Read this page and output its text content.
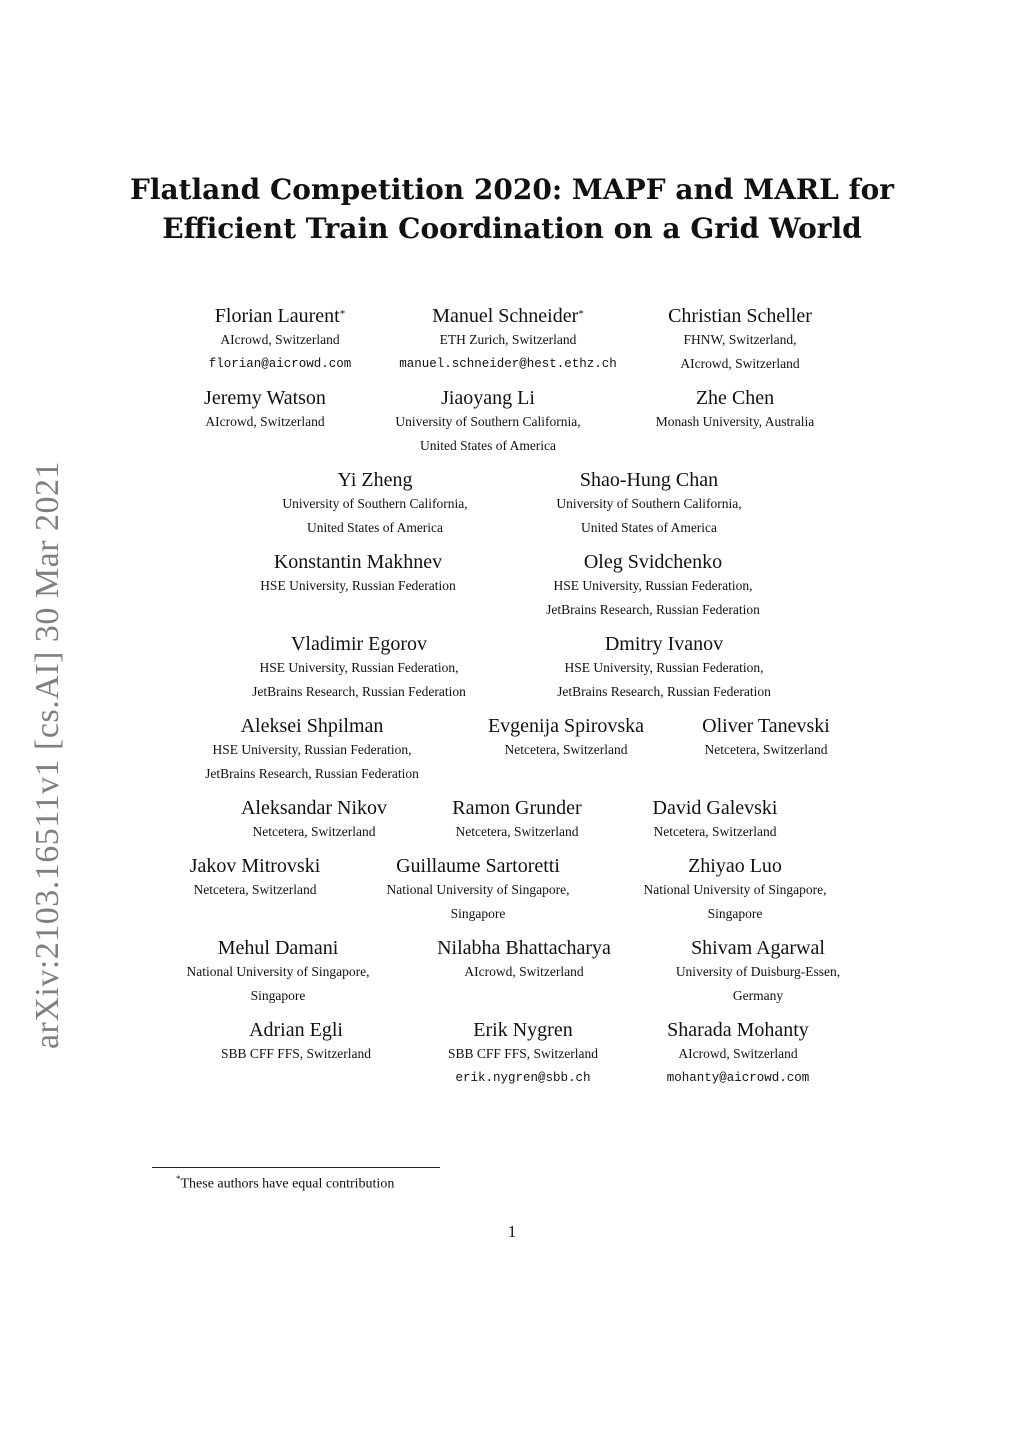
arXiv:2103.16511v1 [cs.AI] 30 Mar 2021
Flatland Competition 2020: MAPF and MARL for
Efficient Train Coordination on a Grid World
Florian Laurent*
AIcrowd, Switzerland
florian@aicrowd.com
Manuel Schneider*
ETH Zurich, Switzerland
manuel.schneider@hest.ethz.ch
Christian Scheller
FHNW, Switzerland,
AIcrowd, Switzerland
Jeremy Watson
AIcrowd, Switzerland
Jiaoyang Li
University of Southern California,
United States of America
Zhe Chen
Monash University, Australia
Yi Zheng
University of Southern California,
United States of America
Shao-Hung Chan
University of Southern California,
United States of America
Konstantin Makhnev
HSE University, Russian Federation
Oleg Svidchenko
HSE University, Russian Federation,
JetBrains Research, Russian Federation
Vladimir Egorov
HSE University, Russian Federation,
JetBrains Research, Russian Federation
Dmitry Ivanov
HSE University, Russian Federation,
JetBrains Research, Russian Federation
Aleksei Shpilman
HSE University, Russian Federation,
JetBrains Research, Russian Federation
Evgenija Spirovska
Netcetera, Switzerland
Oliver Tanevski
Netcetera, Switzerland
Aleksandar Nikov
Netcetera, Switzerland
Ramon Grunder
Netcetera, Switzerland
David Galevski
Netcetera, Switzerland
Jakov Mitrovski
Netcetera, Switzerland
Guillaume Sartoretti
National University of Singapore,
Singapore
Zhiyao Luo
National University of Singapore,
Singapore
Mehul Damani
National University of Singapore,
Singapore
Nilabha Bhattacharya
AIcrowd, Switzerland
Shivam Agarwal
University of Duisburg-Essen,
Germany
Adrian Egli
SBB CFF FFS, Switzerland
Erik Nygren
SBB CFF FFS, Switzerland
erik.nygren@sbb.ch
Sharada Mohanty
AIcrowd, Switzerland
mohanty@aicrowd.com
*These authors have equal contribution
1
